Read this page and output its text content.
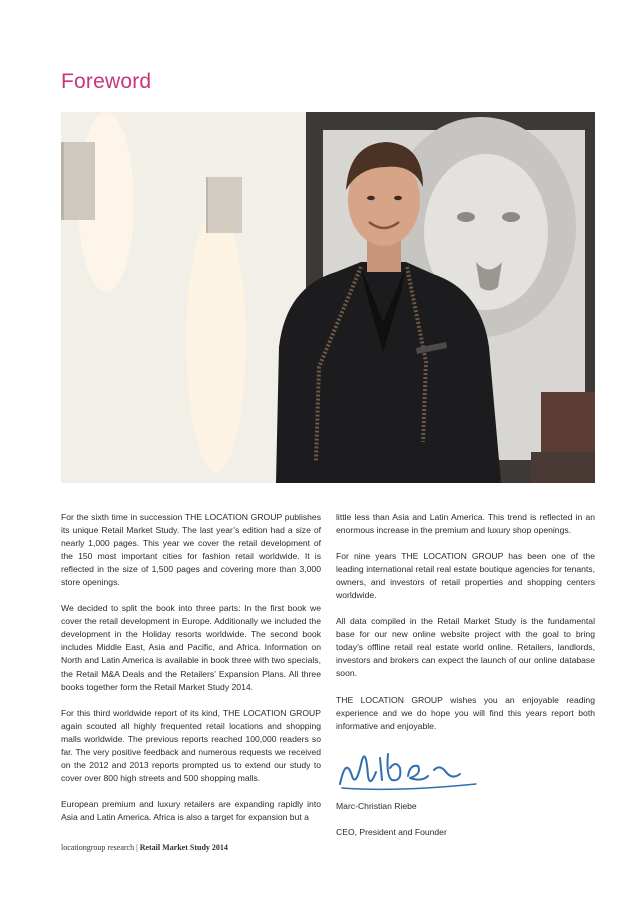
Foreword

For the sixth time in succession THE LOCATION GROUP publishes its unique Retail Market Study. The last year’s edition had a size of nearly 1,000 pages. This year we cover the retail development of the 150 most important cities for fashion retail worldwide. It is reflected in the size of 1,500 pages and covering more than 3,000 store openings.

We decided to split the book into three parts: In the first book we cover the retail development in Europe. Additionally we included the development in the Holiday resorts worldwide. The second book includes Middle East, Asia and Pacific, and Africa. Information on North and Latin America is available in book three with two specials, the Retail M&A Deals and the Retailers’ Expansion Plans. All three books together form the Retail Market Study 2014.

For this third worldwide report of its kind, THE LOCATION GROUP again scouted all highly frequented retail locations and shopping malls worldwide. The previous reports reached 100,000 readers so far. The very positive feedback and numerous requests we received on the 2012 and 2013 reports prompted us to extend our study to cover over 800 high streets and 500 shopping malls.

European premium and luxury retailers are expanding rapidly into Asia and Latin America. Africa is also a target for expansion but a

little less than Asia and Latin America. This trend is reflected in an enormous increase in the premium and luxury shop openings.

For nine years THE LOCATION GROUP has been one of the leading international retail real estate boutique agencies for tenants, owners, and investors of retail properties and shopping centers worldwide.

All data compiled in the Retail Market Study is the fundamental base for our new online website project with the goal to bring today’s offline retail real estate world online. Retailers, landlords, investors and brokers can expect the launch of our online database soon.

THE LOCATION GROUP wishes you an enjoyable reading experience and we do hope you will find this years report both informative and enjoyable.

Marc-Christian Riebe

CEO, President and Founder

locationgroup research | Retail Market Study 2014
